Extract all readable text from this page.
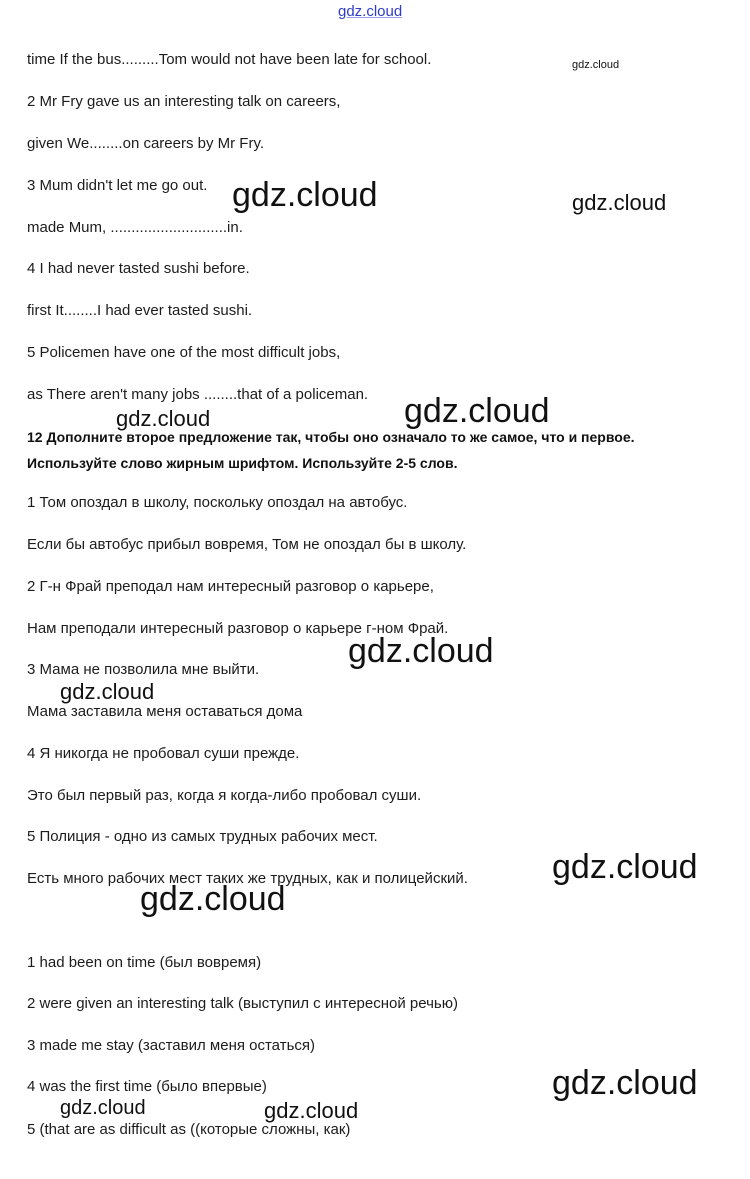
gdz.cloud
time If the bus.........Tom would not have been late for school.
2 Mr Fry gave us an interesting talk on careers,
given We........on careers by Mr Fry.
3 Mum didn't let me go out.
made Mum, ............................in.
4 I had never tasted sushi before.
first It........I had ever tasted sushi.
5 Policemen have one of the most difficult jobs,
as There aren't many jobs ........that of a policeman.
12 Дополните второе предложение так, чтобы оно означало то же самое, что и первое.
Используйте слово жирным шрифтом. Используйте 2-5 слов.
1 Том опоздал в школу, поскольку опоздал на автобус.
Если бы автобус прибыл вовремя, Том не опоздал бы в школу.
2 Г-н Фрай преподал нам интересный разговор о карьере,
Нам преподали интересный разговор о карьере г-ном Фрай.
3 Мама не позволила мне выйти.
Мама заставила меня оставаться дома
4 Я никогда не пробовал суши прежде.
Это был первый раз, когда я когда-либо пробовал суши.
5 Полиция - одно из самых трудных рабочих мест.
Есть много рабочих мест таких же трудных, как и полицейский.
1 had been on time (был вовремя)
2 were given an interesting talk (выступил с интересной речью)
3 made me stay (заставил меня остаться)
4 was the first time (было впервые)
5 (that are as difficult as ((которые сложны, как)
gdz.cloud
gdz.cloud	gdz.cloud
gdz.cloud	gdz.cloud
gdz.cloud
gdz.cloud
gdz.cloud
gdz.cloud
gdz.cloud
gdz.cloud	gdz.cloud
